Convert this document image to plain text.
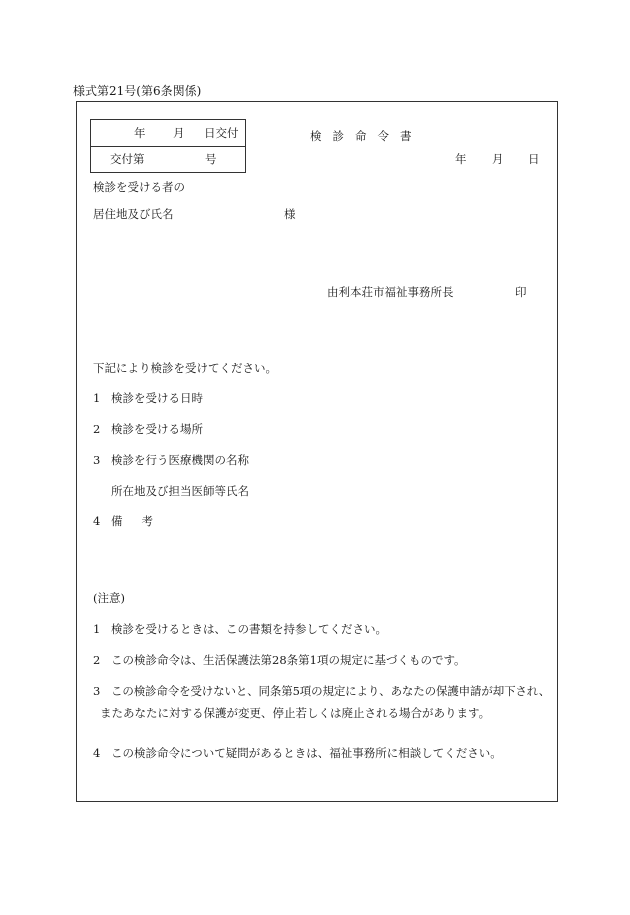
様式第21号(第6条関係)
年 月 日交付
交付第	号
検診命令書
年 月 日
検診を受ける者の
居住地及び氏名	様
由利本荘市福祉事務所長	印
下記により検診を受けてください。
1 検診を受ける日時
2 検診を受ける場所
3 検診を行う医療機関の名称
所在地及び担当医師等氏名
4 備考
(注意)
1 検診を受けるときは、この書類を持参してください。
2 この検診命令は、生活保護法第28条第1項の規定に基づくものです。
3 この検診命令を受けないと、同条第5項の規定により、あなたの保護申請が却下され、
またあなたに対する保護が変更、停止若しくは廃止される場合があります。
4 この検診命令について疑問があるときは、福祉事務所に相談してください。
